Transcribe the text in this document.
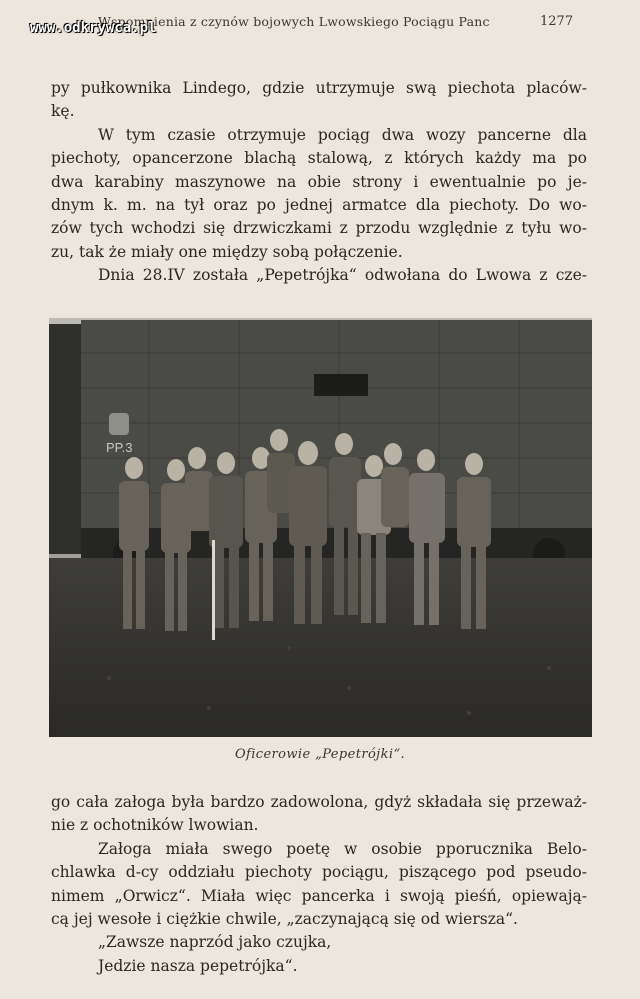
Wspomnienia z czynów bojowych Lwowskiego Pociągu Panc	1277
www.odkrywca.pl
py pułkownika Lindego, gdzie utrzymuje swą piechota placów-
kę.
W tym czasie otrzymuje pociąg dwa wozy pancerne dla
piechoty, opancerzone blachą stalową, z których każdy ma po
dwa karabiny maszynowe na obie strony i ewentualnie po je-
dnym k. m. na tył oraz po jednej armatce dla piechoty. Do wo-
zów tych wchodzi się drzwiczkami z przodu względnie z tyłu wo-
zu, tak że miały one między sobą połączenie.
Dnia 28.IV została „Pepetrójka“ odwołana do Lwowa z cze-
PP.3
Oficerowie „Pepetrójki“.
go cała załoga była bardzo zadowolona, gdyż składała się przeważ-
nie z ochotników lwowian.
Załoga miała swego poetę w osobie pporucznika Belo-
chlawka d-cy oddziału piechoty pociągu, piszącego pod pseudo-
nimem „Orwicz“. Miała więc pancerka i swoją pieśń, opiewają-
cą jej wesołe i ciężkie chwile, „zaczynającą się od wiersza“.
„Zawsze naprzód jako czujka,
Jedzie nasza pepetrójka“.
